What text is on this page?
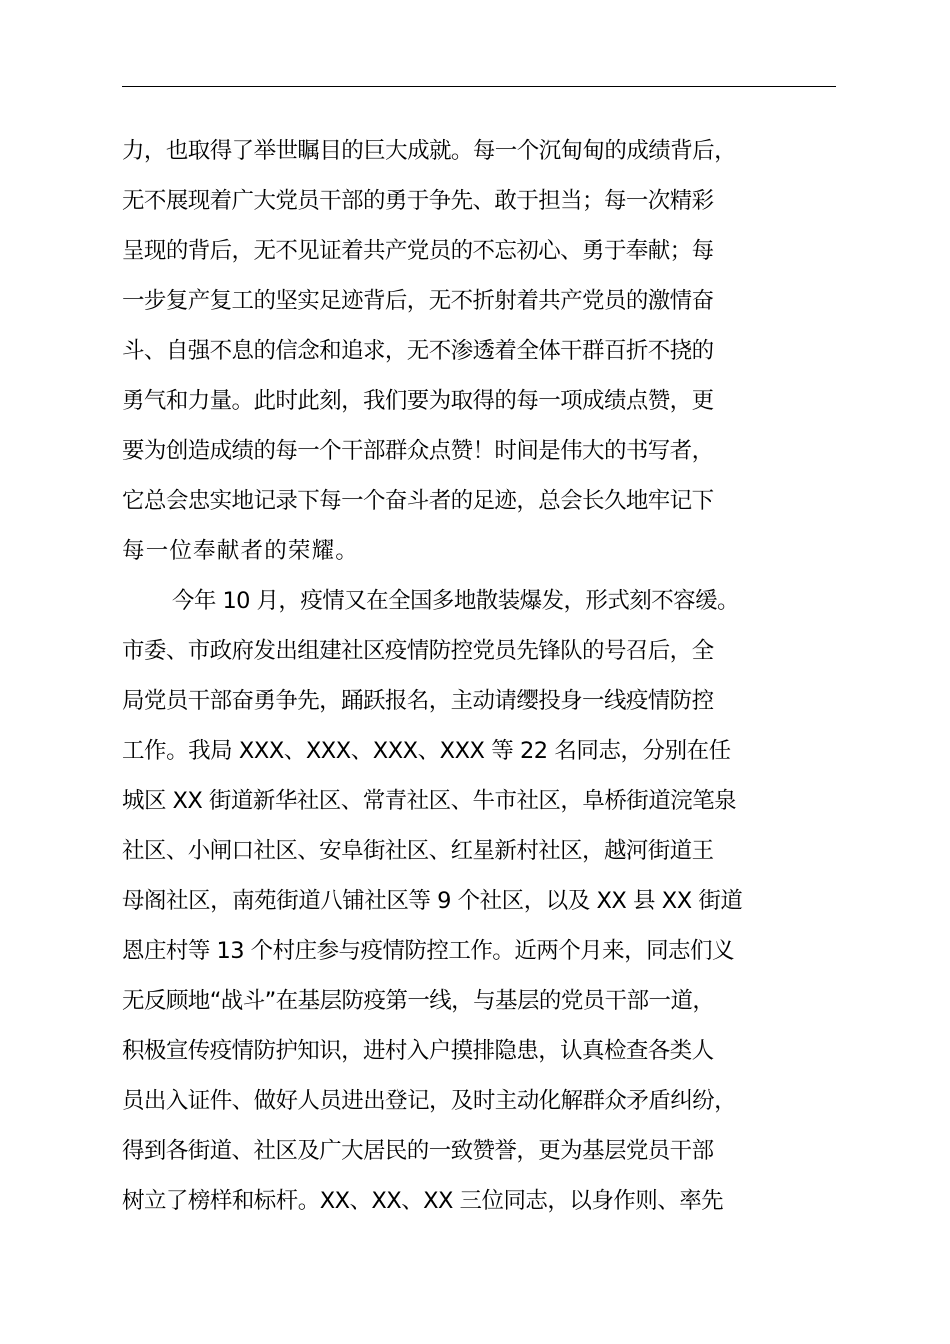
力，也取得了举世瞩目的巨大成就。每一个沉甸甸的成绩背后，
无不展现着广大党员干部的勇于争先、敢于担当；每一次精彩
呈现的背后，无不见证着共产党员的不忘初心、勇于奉献；每
一步复产复工的坚实足迹背后，无不折射着共产党员的激情奋
斗、自强不息的信念和追求，无不渗透着全体干群百折不挠的
勇气和力量。此时此刻，我们要为取得的每一项成绩点赞，更
要为创造成绩的每一个干部群众点赞！时间是伟大的书写者，
它总会忠实地记录下每一个奋斗者的足迹，总会长久地牢记下
每一位奉献者的荣耀。
今年 10 月，疫情又在全国多地散装爆发，形式刻不容缓。
市委、市政府发出组建社区疫情防控党员先锋队的号召后，全
局党员干部奋勇争先，踊跃报名，主动请缨投身一线疫情防控
工作。我局 XXX、XXX、XXX、XXX 等 22 名同志，分别在任
城区 XX 街道新华社区、常青社区、牛市社区，阜桥街道浣笔泉
社区、小闸口社区、安阜街社区、红星新村社区，越河街道王
母阁社区，南苑街道八铺社区等 9 个社区，以及 XX 县 XX 街道
恩庄村等 13 个村庄参与疫情防控工作。近两个月来，同志们义
无反顾地“战斗”在基层防疫第一线，与基层的党员干部一道，
积极宣传疫情防护知识，进村入户摸排隐患，认真检查各类人
员出入证件、做好人员进出登记，及时主动化解群众矛盾纠纷，
得到各街道、社区及广大居民的一致赞誉，更为基层党员干部
树立了榜样和标杆。XX、XX、XX 三位同志，以身作则、率先
